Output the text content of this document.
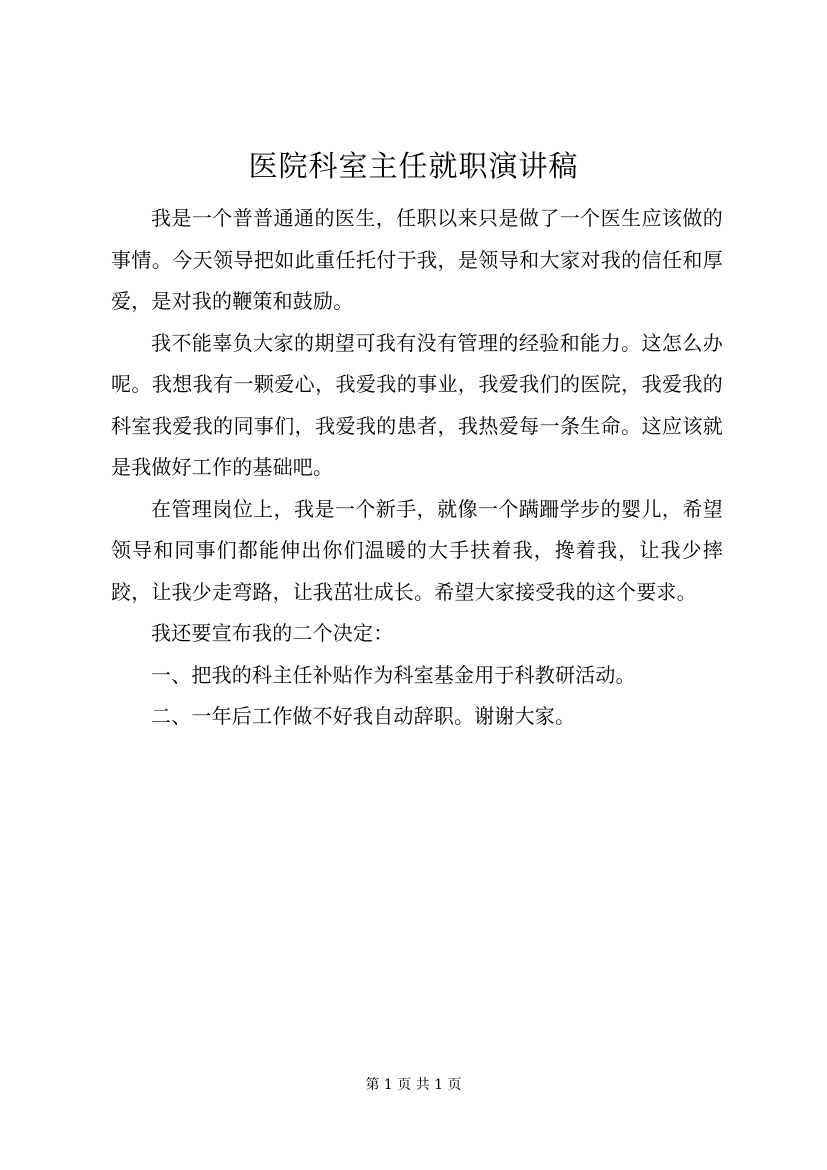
医院科室主任就职演讲稿

我是一个普普通通的医生，任职以来只是做了一个医生应该做的事情。今天领导把如此重任托付于我，是领导和大家对我的信任和厚爱，是对我的鞭策和鼓励。

我不能辜负大家的期望可我有没有管理的经验和能力。这怎么办呢。我想我有一颗爱心，我爱我的事业，我爱我们的医院，我爱我的科室我爱我的同事们，我爱我的患者，我热爱每一条生命。这应该就是我做好工作的基础吧。

在管理岗位上，我是一个新手，就像一个蹒跚学步的婴儿，希望领导和同事们都能伸出你们温暖的大手扶着我，搀着我，让我少摔跤，让我少走弯路，让我茁壮成长。希望大家接受我的这个要求。

我还要宣布我的二个决定：

一、把我的科主任补贴作为科室基金用于科教研活动。

二、一年后工作做不好我自动辞职。谢谢大家。

第 1 页 共 1 页
